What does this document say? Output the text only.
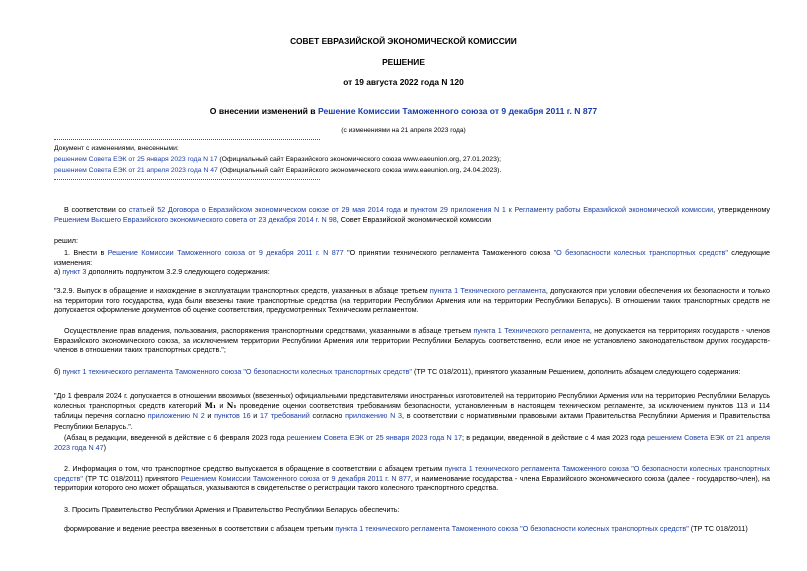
СОВЕТ ЕВРАЗИЙСКОЙ ЭКОНОМИЧЕСКОЙ КОМИССИИ
РЕШЕНИЕ
от 19 августа 2022 года N 120
О внесении изменений в Решение Комиссии Таможенного союза от 9 декабря 2011 г. N 877
(с изменениями на 21 апреля 2023 года)
Документ с изменениями, внесенными:
решением Совета ЕЭК от 25 января 2023 года N 17 (Официальный сайт Евразийского экономического союза www.eaeunion.org, 27.01.2023);
решением Совета ЕЭК от 21 апреля 2023 года N 47 (Официальный сайт Евразийского экономического союза www.eaeunion.org, 24.04.2023).
В соответствии со статьей 52 Договора о Евразийском экономическом союзе от 29 мая 2014 года и пунктом 29 приложения N 1 к Регламенту работы Евразийской экономической комиссии, утвержденному Решением Высшего Евразийского экономического совета от 23 декабря 2014 г. N 98, Совет Евразийской экономической комиссии
решил:
1. Внести в Решение Комиссии Таможенного союза от 9 декабря 2011 г. N 877 "О принятии технического регламента Таможенного союза "О безопасности колесных транспортных средств" следующие изменения:
а) пункт 3 дополнить подпунктом 3.2.9 следующего содержания:
"3.2.9. Выпуск в обращение и нахождение в эксплуатации транспортных средств, указанных в абзаце третьем пункта 1 Технического регламента, допускаются при условии обеспечения их безопасности и только на территории того государства, куда были ввезены такие транспортные средства (на территории Республики Армения или на территории Республики Беларусь). В отношении таких транспортных средств не допускается оформление документов об оценке соответствия, предусмотренных Техническим регламентом.
Осуществление прав владения, пользования, распоряжения транспортными средствами, указанными в абзаце третьем пункта 1 Технического регламента, не допускается на территориях государств - членов Евразийского экономического союза, за исключением территории Республики Армения или территории Республики Беларусь соответственно, если иное не установлено законодательством других государств-членов в отношении таких транспортных средств.";
б) пункт 1 технического регламента Таможенного союза "О безопасности колесных транспортных средств" (ТР ТС 018/2011), принятого указанным Решением, дополнить абзацем следующего содержания:
"До 1 февраля 2024 г. допускается в отношении ввозимых (ввезенных) официальными представителями иностранных изготовителей на территорию Республики Армения или на территорию Республики Беларусь колесных транспортных средств категорий M₁ и N₁ проведение оценки соответствия требованиям безопасности, установленным в настоящем техническом регламенте, за исключением пунктов 113 и 114 таблицы перечня согласно приложению N 2 и пунктов 16 и 17 требований согласно приложению N 3, в соответствии с нормативными правовыми актами Правительства Республики Армения и Правительства Республики Беларусь.".
(Абзац в редакции, введенной в действие с 6 февраля 2023 года решением Совета ЕЭК от 25 января 2023 года N 17; в редакции, введенной в действие с 4 мая 2023 года решением Совета ЕЭК от 21 апреля 2023 года N 47)
2. Информация о том, что транспортное средство выпускается в обращение в соответствии с абзацем третьим пункта 1 технического регламента Таможенного союза "О безопасности колесных транспортных средств" (ТР ТС 018/2011) принятого Решением Комиссии Таможенного союза от 9 декабря 2011 г. N 877, и наименование государства - члена Евразийского экономического союза (далее - государство-член), на территории которого оно может обращаться, указываются в свидетельстве о регистрации такого колесного транспортного средства.
3. Просить Правительство Республики Армения и Правительство Республики Беларусь обеспечить:
формирование и ведение реестра ввезенных в соответствии с абзацем третьим пункта 1 технического регламента Таможенного союза "О безопасности колесных транспортных средств" (ТР ТС 018/2011)
